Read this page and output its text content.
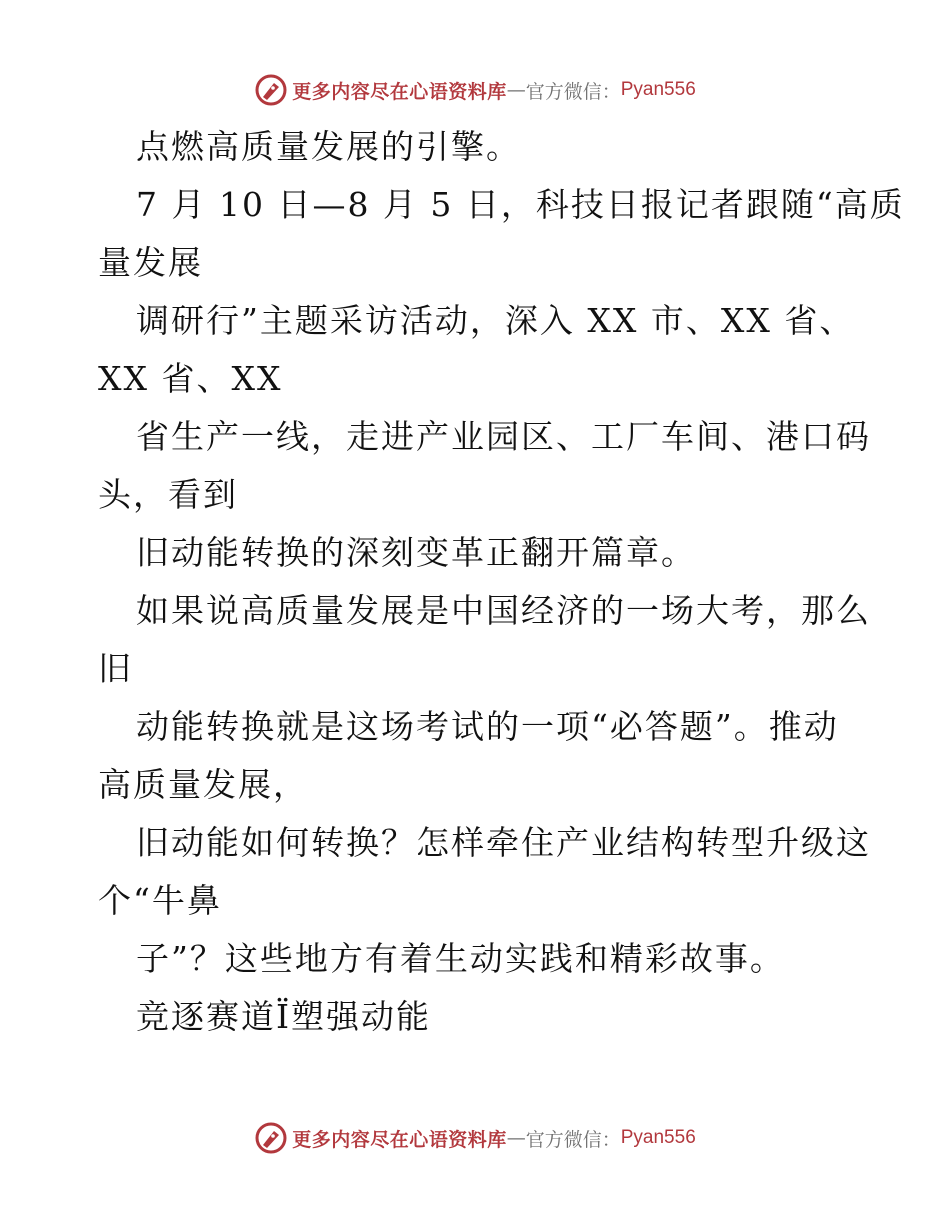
更多内容尽在心语资料库 — 官方微信： Pyan556
点燃高质量发展的引擎。
7 月 10 日—8 月 5 日，科技日报记者跟随“高质
量发展
调研行”主题采访活动，深入 XX 市、XX 省、
XX 省、XX
省生产一线，走进产业园区、工厂车间、港口码
头，看到
旧动能转换的深刻变革正翻开篇章。
如果说高质量发展是中国经济的一场大考，那么
旧
动能转换就是这场考试的一项“必答题”。推动
高质量发展，
旧动能如何转换？怎样牵住产业结构转型升级这
个“牛鼻
子”？这些地方有着生动实践和精彩故事。
竞逐赛道Ï塑强动能
更多内容尽在心语资料库 — 官方微信： Pyan556
